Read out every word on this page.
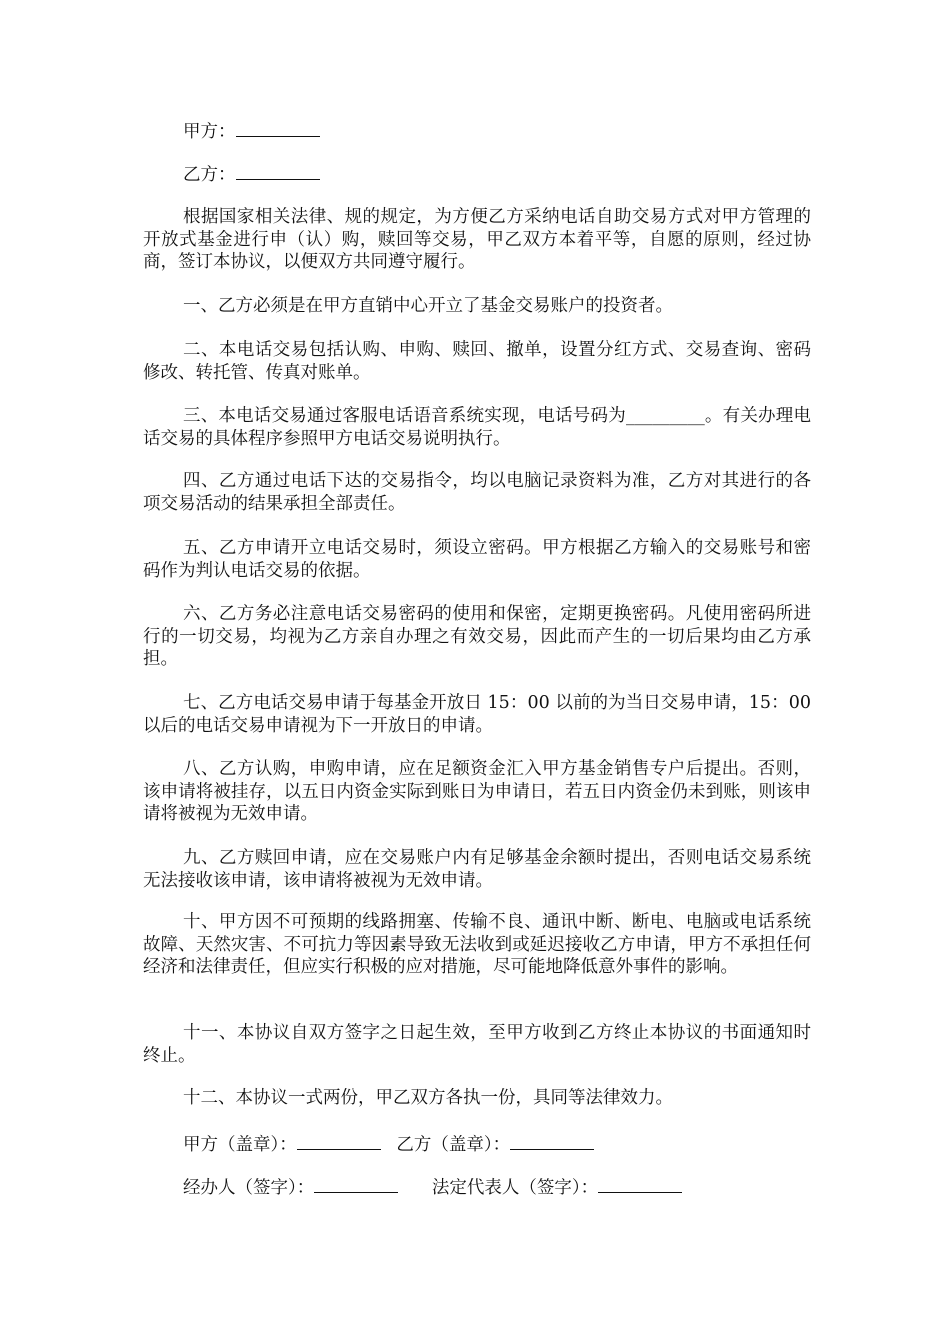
甲方：
乙方：
根据国家相关法律、规的规定，为方便乙方采纳电话自助交易方式对甲方管理的开放式基金进行申（认）购，赎回等交易，甲乙双方本着平等，自愿的原则，经过协商，签订本协议，以便双方共同遵守履行。
一、乙方必须是在甲方直销中心开立了基金交易账户的投资者。
二、本电话交易包括认购、申购、赎回、撤单，设置分红方式、交易查询、密码修改、转托管、传真对账单。
三、本电话交易通过客服电话语音系统实现，电话号码为_________。有关办理电话交易的具体程序参照甲方电话交易说明执行。
四、乙方通过电话下达的交易指令，均以电脑记录资料为准，乙方对其进行的各项交易活动的结果承担全部责任。
五、乙方申请开立电话交易时，须设立密码。甲方根据乙方输入的交易账号和密码作为判认电话交易的依据。
六、乙方务必注意电话交易密码的使用和保密，定期更换密码。凡使用密码所进行的一切交易，均视为乙方亲自办理之有效交易，因此而产生的一切后果均由乙方承担。
七、乙方电话交易申请于每基金开放日 15：00 以前的为当日交易申请，15：00 以后的电话交易申请视为下一开放日的申请。
八、乙方认购，申购申请，应在足额资金汇入甲方基金销售专户后提出。否则，该申请将被挂存，以五日内资金实际到账日为申请日，若五日内资金仍未到账，则该申请将被视为无效申请。
九、乙方赎回申请，应在交易账户内有足够基金余额时提出，否则电话交易系统无法接收该申请，该申请将被视为无效申请。
十、甲方因不可预期的线路拥塞、传输不良、通讯中断、断电、电脑或电话系统故障、天然灾害、不可抗力等因素导致无法收到或延迟接收乙方申请，甲方不承担任何经济和法律责任，但应实行积极的应对措施，尽可能地降低意外事件的影响。
十一、本协议自双方签字之日起生效，至甲方收到乙方终止本协议的书面通知时终止。
十二、本协议一式两份，甲乙双方各执一份，具同等法律效力。
甲方（盖章）：	乙方（盖章）：
经办人（签字）：	法定代表人（签字）：
